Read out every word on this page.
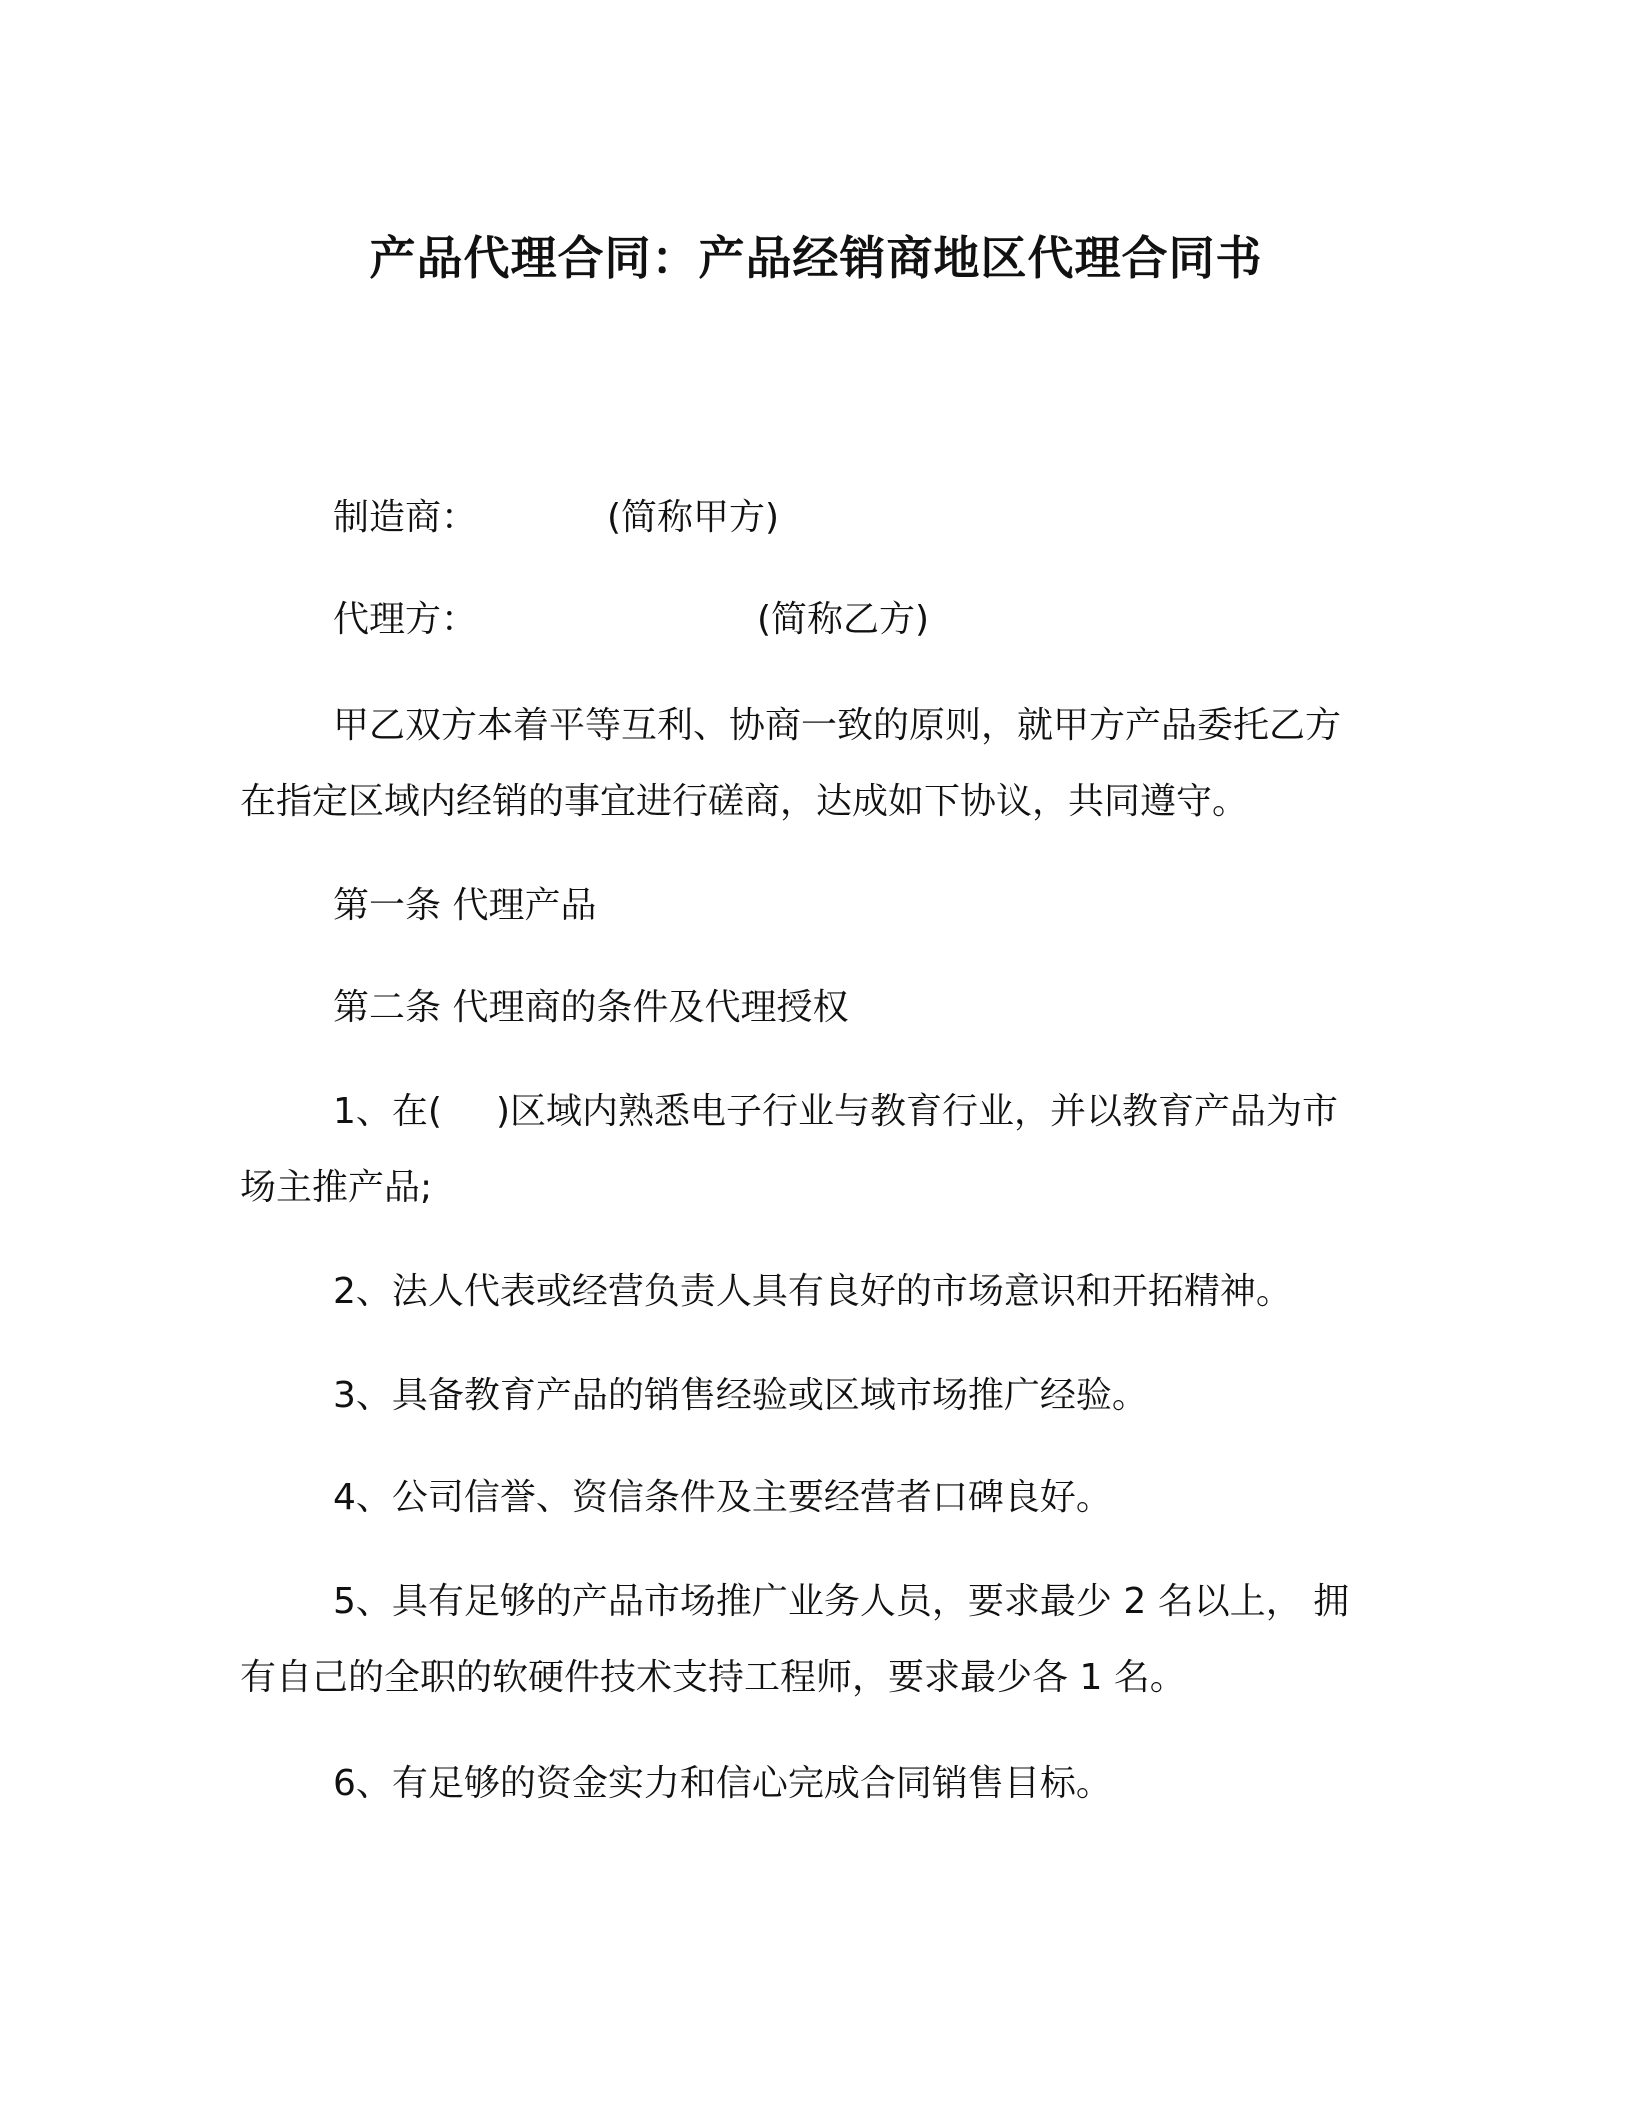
产品代理合同：产品经销商地区代理合同书
制造商：	(简称甲方)
代理方：	(简称乙方)
甲乙双方本着平等互利、协商一致的原则，就甲方产品委托乙方
在指定区域内经销的事宜进行磋商，达成如下协议，共同遵守。
第一条 代理产品
第二条 代理商的条件及代理授权
1、在( )区域内熟悉电子行业与教育行业，并以教育产品为市
场主推产品;
2、法人代表或经营负责人具有良好的市场意识和开拓精神。
3、具备教育产品的销售经验或区域市场推广经验。
4、公司信誉、资信条件及主要经营者口碑良好。
5、具有足够的产品市场推广业务人员，要求最少 2 名以上， 拥
有自己的全职的软硬件技术支持工程师，要求最少各 1 名。
6、有足够的资金实力和信心完成合同销售目标。
